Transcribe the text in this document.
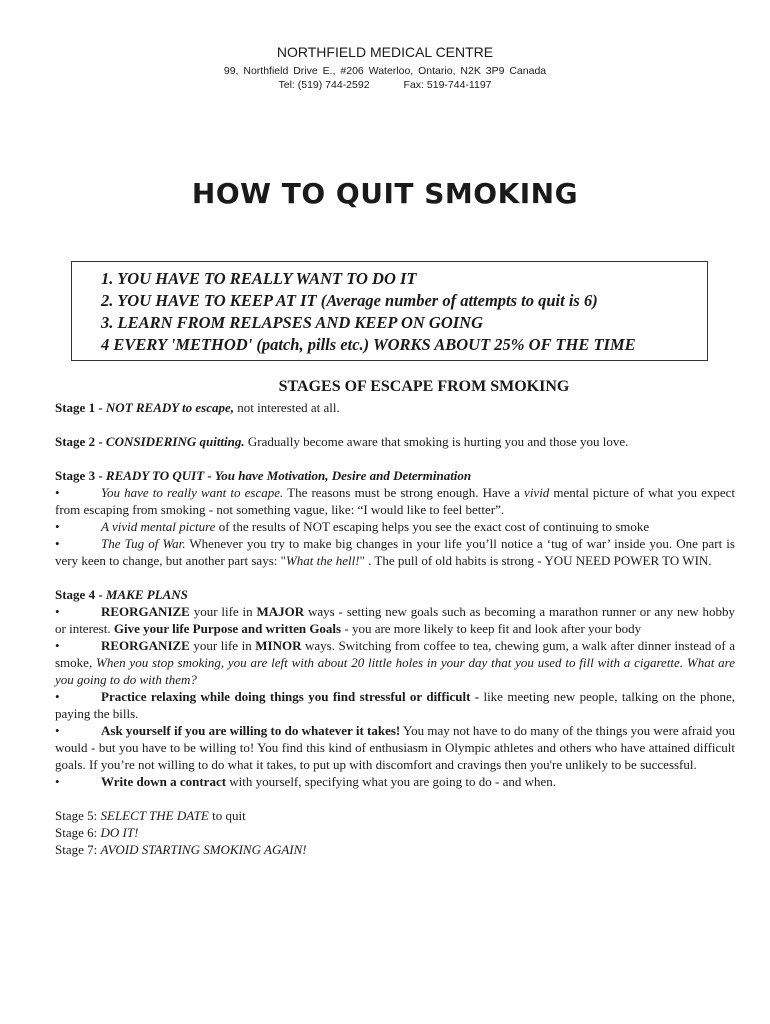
NORTHFIELD MEDICAL CENTRE
99, Northfield Drive E., #206 Waterloo, Ontario, N2K 3P9 Canada
Tel: (519) 744-2592	Fax: 519-744-1197
HOW TO QUIT SMOKING

1. YOU HAVE TO REALLY WANT TO DO IT

2. YOU HAVE TO KEEP AT IT (Average number of attempts to quit is 6)

3. LEARN FROM RELAPSES AND KEEP ON GOING

4 EVERY 'METHOD' (patch, pills etc.) WORKS ABOUT 25% OF THE TIME

STAGES OF ESCAPE FROM SMOKING

Stage 1 - NOT READY to escape, not interested at all.

Stage 2 - CONSIDERING quitting. Gradually become aware that smoking is hurting you and those you love.

Stage 3 - READY TO QUIT - You have Motivation, Desire and Determination

•	You have to really want to escape. The reasons must be strong enough. Have a vivid mental picture of what you expect from escaping from smoking - not something vague, like: “I would like to feel better”.

•	A vivid mental picture of the results of NOT escaping helps you see the exact cost of continuing to smoke

•	The Tug of War. Whenever you try to make big changes in your life you’ll notice a ‘tug of war’ inside you. One part is very keen to change, but another part says: "What the hell!" . The pull of old habits is strong - YOU NEED POWER TO WIN.

Stage 4 - MAKE PLANS

•	REORGANIZE your life in MAJOR ways - setting new goals such as becoming a marathon runner or any new hobby or interest. Give your life Purpose and written Goals - you are more likely to keep fit and look after your body

•	REORGANIZE your life in MINOR ways. Switching from coffee to tea, chewing gum, a walk after dinner instead of a smoke, When you stop smoking, you are left with about 20 little holes in your day that you used to fill with a cigarette. What are you going to do with them?

•	Practice relaxing while doing things you find stressful or difficult - like meeting new people, talking on the phone, paying the bills.

•	Ask yourself if you are willing to do whatever it takes! You may not have to do many of the things you were afraid you would - but you have to be willing to! You find this kind of enthusiasm in Olympic athletes and others who have attained difficult goals. If you’re not willing to do what it takes, to put up with discomfort and cravings then you're unlikely to be successful.

•	Write down a contract with yourself, specifying what you are going to do - and when.

Stage 5: SELECT THE DATE to quit

Stage 6: DO IT!

Stage 7: AVOID STARTING SMOKING AGAIN!
